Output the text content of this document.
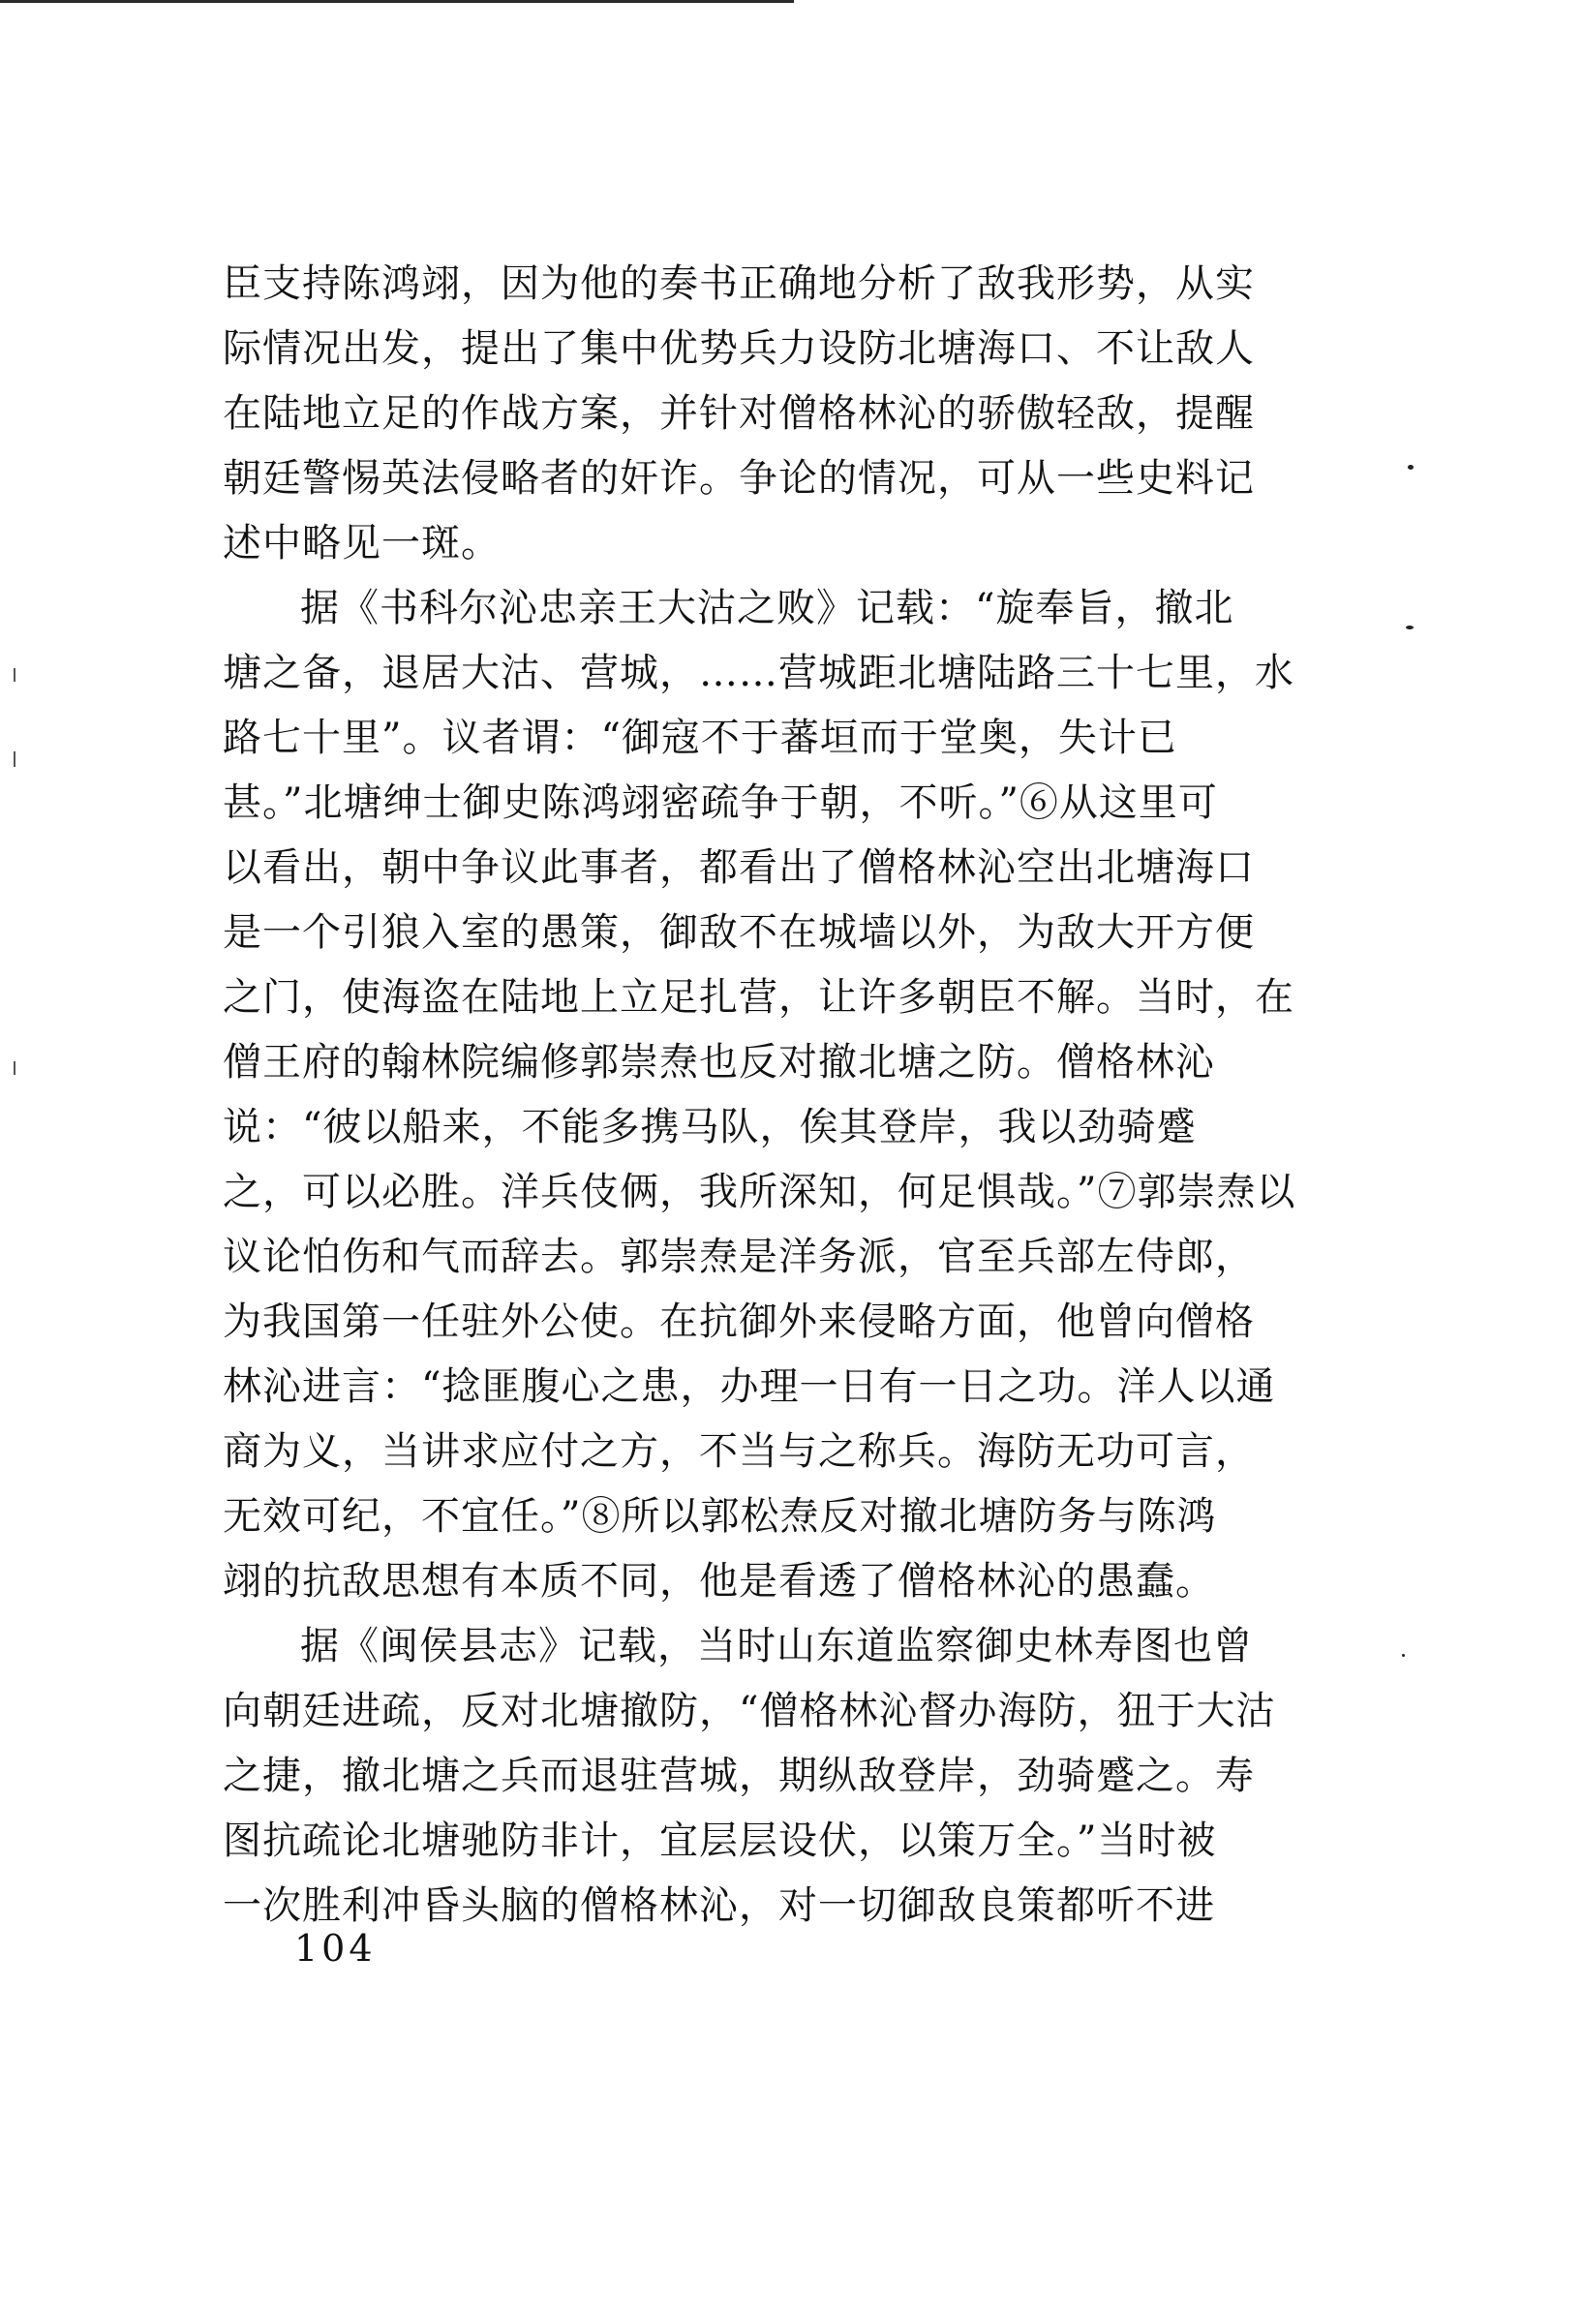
臣支持陈鸿翊，因为他的奏书正确地分析了敌我形势，从实
际情况出发，提出了集中优势兵力设防北塘海口、不让敌人
在陆地立足的作战方案，并针对僧格林沁的骄傲轻敌，提醒
朝廷警惕英法侵略者的奸诈。争论的情况，可从一些史料记
述中略见一斑。
据《书科尔沁忠亲王大沽之败》记载：“旋奉旨，撤北
塘之备，退居大沽、营城，……营城距北塘陆路三十七里，水
路七十里”。议者谓：“御寇不于蕃垣而于堂奥，失计已
甚。”北塘绅士御史陈鸿翊密疏争于朝，不听。”⑥从这里可
以看出，朝中争议此事者，都看出了僧格林沁空出北塘海口
是一个引狼入室的愚策，御敌不在城墙以外，为敌大开方便
之门，使海盗在陆地上立足扎营，让许多朝臣不解。当时，在
僧王府的翰林院编修郭崇焘也反对撤北塘之防。僧格林沁
说：“彼以船来，不能多携马队，俟其登岸，我以劲骑蹙
之，可以必胜。洋兵伎俩，我所深知，何足惧哉。”⑦郭崇焘以
议论怕伤和气而辞去。郭崇焘是洋务派，官至兵部左侍郎，
为我国第一任驻外公使。在抗御外来侵略方面，他曾向僧格
林沁进言：“捻匪腹心之患，办理一日有一日之功。洋人以通
商为义，当讲求应付之方，不当与之称兵。海防无功可言，
无效可纪，不宜任。”⑧所以郭松焘反对撤北塘防务与陈鸿
翊的抗敌思想有本质不同，他是看透了僧格林沁的愚蠢。
据《闽侯县志》记载，当时山东道监察御史林寿图也曾
向朝廷进疏，反对北塘撤防，“僧格林沁督办海防，狃于大沽
之捷，撤北塘之兵而退驻营城，期纵敌登岸，劲骑蹙之。寿
图抗疏论北塘驰防非计，宜层层设伏，以策万全。”当时被
一次胜利冲昏头脑的僧格林沁，对一切御敌良策都听不进
104
